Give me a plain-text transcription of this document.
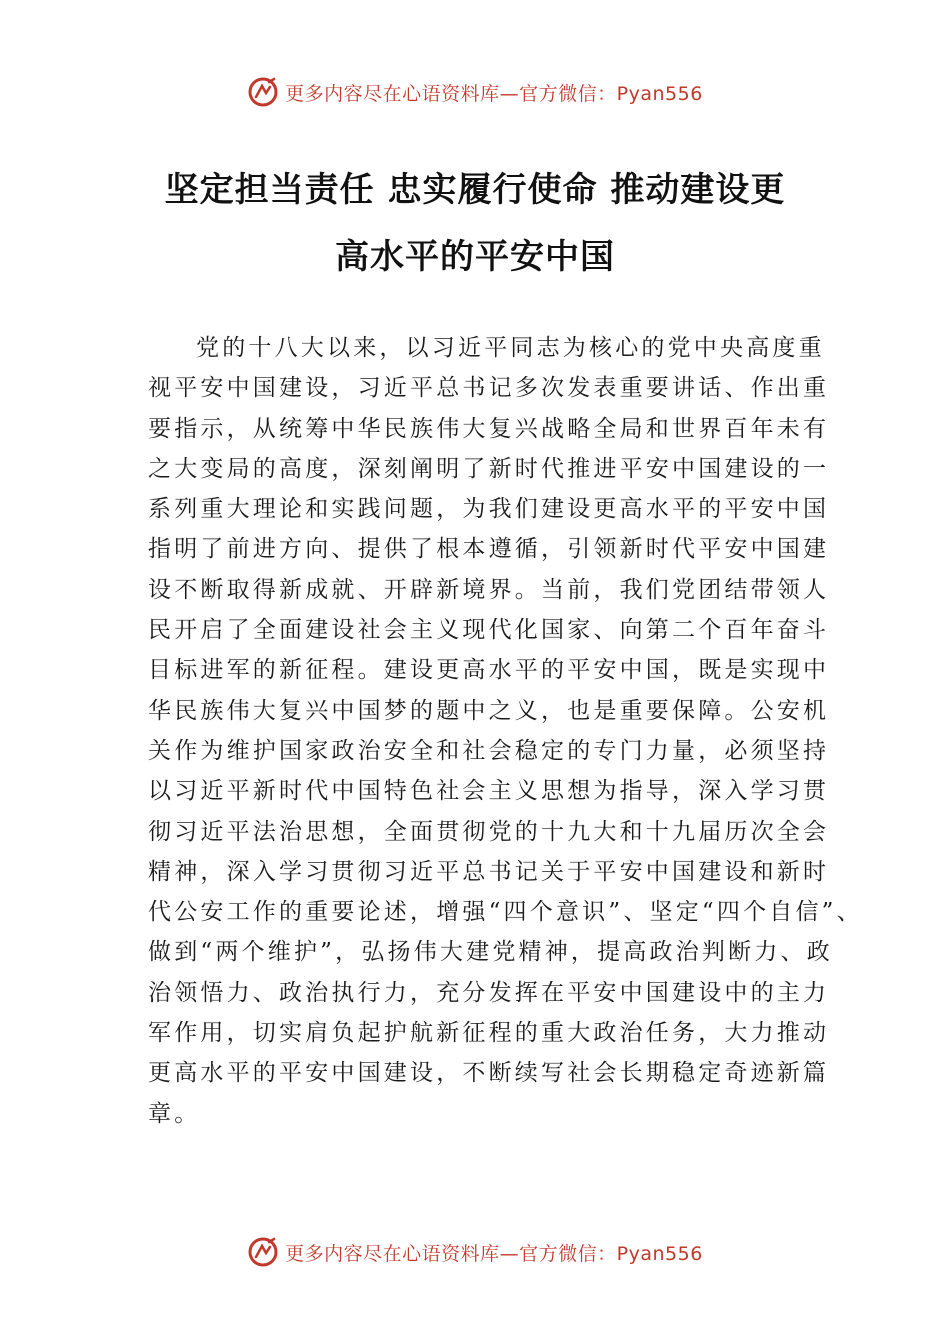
更多内容尽在心语资料库—官方微信：Pyan556
坚定担当责任 忠实履行使命 推动建设更
高水平的平安中国
党的十八大以来，以习近平同志为核心的党中央高度重
视平安中国建设，习近平总书记多次发表重要讲话、作出重
要指示，从统筹中华民族伟大复兴战略全局和世界百年未有
之大变局的高度，深刻阐明了新时代推进平安中国建设的一
系列重大理论和实践问题，为我们建设更高水平的平安中国
指明了前进方向、提供了根本遵循，引领新时代平安中国建
设不断取得新成就、开辟新境界。当前，我们党团结带领人
民开启了全面建设社会主义现代化国家、向第二个百年奋斗
目标进军的新征程。建设更高水平的平安中国，既是实现中
华民族伟大复兴中国梦的题中之义，也是重要保障。公安机
关作为维护国家政治安全和社会稳定的专门力量，必须坚持
以习近平新时代中国特色社会主义思想为指导，深入学习贯
彻习近平法治思想，全面贯彻党的十九大和十九届历次全会
精神，深入学习贯彻习近平总书记关于平安中国建设和新时
代公安工作的重要论述，增强“四个意识”、坚定“四个自信”、
做到“两个维护”，弘扬伟大建党精神，提高政治判断力、政
治领悟力、政治执行力，充分发挥在平安中国建设中的主力
军作用，切实肩负起护航新征程的重大政治任务，大力推动
更高水平的平安中国建设，不断续写社会长期稳定奇迹新篇
章。
更多内容尽在心语资料库—官方微信：Pyan556
